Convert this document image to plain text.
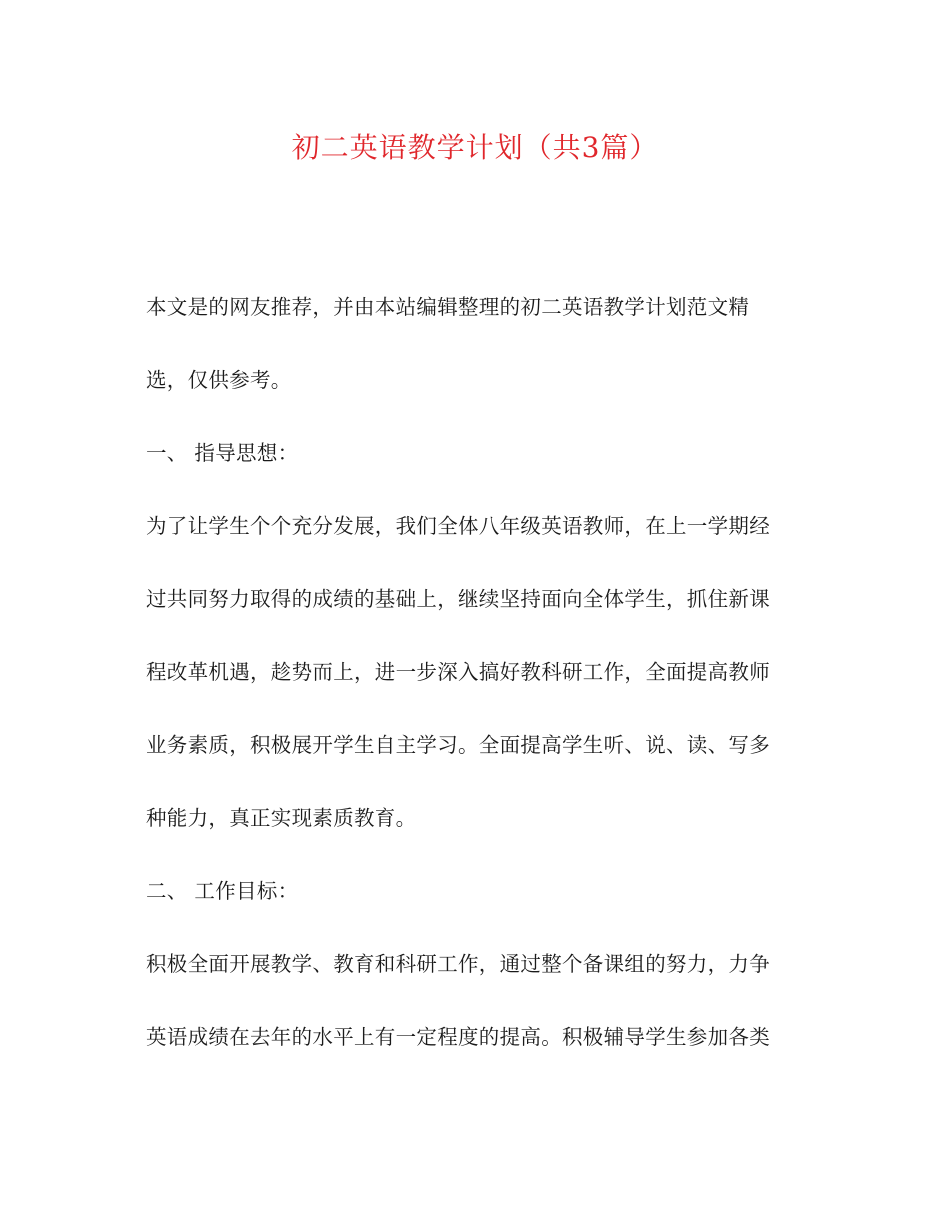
初二英语教学计划（共3篇）
本文是的网友推荐，并由本站编辑整理的初二英语教学计划范文精
选，仅供参考。
一、 指导思想：
为了让学生个个充分发展，我们全体八年级英语教师，在上一学期经
过共同努力取得的成绩的基础上，继续坚持面向全体学生，抓住新课
程改革机遇，趁势而上，进一步深入搞好教科研工作，全面提高教师
业务素质，积极展开学生自主学习。全面提高学生听、说、读、写多
种能力，真正实现素质教育。
二、 工作目标：
积极全面开展教学、教育和科研工作，通过整个备课组的努力，力争
英语成绩在去年的水平上有一定程度的提高。积极辅导学生参加各类
